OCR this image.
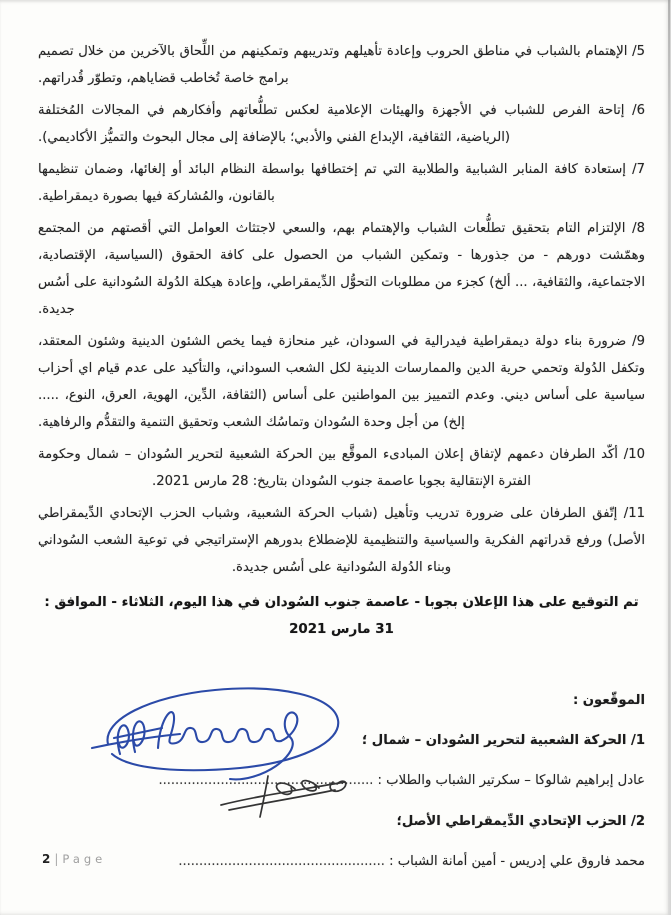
5/ الإهتمام بالشباب في مناطق الحروب وإعادة تأهيلهم وتدريبهم وتمكينهم من اللِّحاق بالآخرين من خلال تصميم برامج خاصة تُخاطب قضاياهم، وتطوّر قُدراتهم.

6/ إتاحة الفرص للشباب في الأجهزة والهيئات الإعلامية لعكس تطلُّعاتهم وأفكارهم في المجالات المُختلفة (الرياضية، الثقافية، الإبداع الفني والأدبي؛ بالإضافة إلى مجال البحوث والتميُّز الأكاديمي).

7/ إستعادة كافة المنابر الشبابية والطلابية التي تم إختطافها بواسطة النظام البائد أو إلغائها، وضمان تنظيمها بالقانون، والمُشاركة فيها بصورة ديمقراطية.

8/ الإلتزام التام بتحقيق تطلُّعات الشباب والإهتمام بهم، والسعي لاجتثاث العوامل التي أقصتهم من المجتمع وهمّشت دورهم - من جذورها - وتمكين الشباب من الحصول على كافة الحقوق (السياسية، الإقتصادية، الاجتماعية، والثقافية، ... ألخ) كجزء من مطلوبات التحوُّل الدِّيمقراطي، وإعادة هيكلة الدُولة السُودانية على أسُس جديدة.

9/ ضرورة بناء دولة ديمقراطية فيدرالية في السودان، غير منحازة فيما يخص الشئون الدينية وشئون المعتقد، وتكفل الدُولة وتحمي حرية الدين والممارسات الدينية لكل الشعب السوداني، والتأكيد على عدم قيام اي أحزاب سياسية على أساس ديني. وعدم التمييز بين المواطنين على أساس (الثقافة، الدِّين، الهوية، العرق، النوع، ..... إلخ) من أجل وحدة السُودان وتماسُك الشعب وتحقيق التنمية والتقدُّم والرفاهية.

10/ أكّد الطرفان دعمهم لإتفاق إعلان المبادىء الموقَّع بين الحركة الشعبية لتحرير السُودان – شمال وحكومة الفترة الإنتقالية بجوبا عاصمة جنوب السُودان بتاريخ: 28 مارس 2021.

11/ إتّفق الطرفان على ضرورة تدريب وتأهيل (شباب الحركة الشعبية، وشباب الحزب الإتحادي الدِّيمقراطي الأصل) ورفع قدراتهم الفكرية والسياسية والتنظيمية للإضطلاع بدورهم الإستراتيجي في توعية الشعب السُوداني وبناء الدُولة السُودانية على أسُس جديدة.

تم التوقيع على هذا الإعلان بجوبا - عاصمة جنوب السُودان في هذا اليوم، الثلاثاء - الموافق : 31 مارس 2021

الموقّعون :

1/ الحركة الشعبية لتحرير السُودان – شمال ؛

عادل إبراهيم شالوكا – سكرتير الشباب والطلاب : ....................................................

2/ الحزب الإتحادي الدِّيمقراطي الأصل؛

محمد فاروق علي إدريس - أمين أمانة الشباب : ..................................................

2 | Page
